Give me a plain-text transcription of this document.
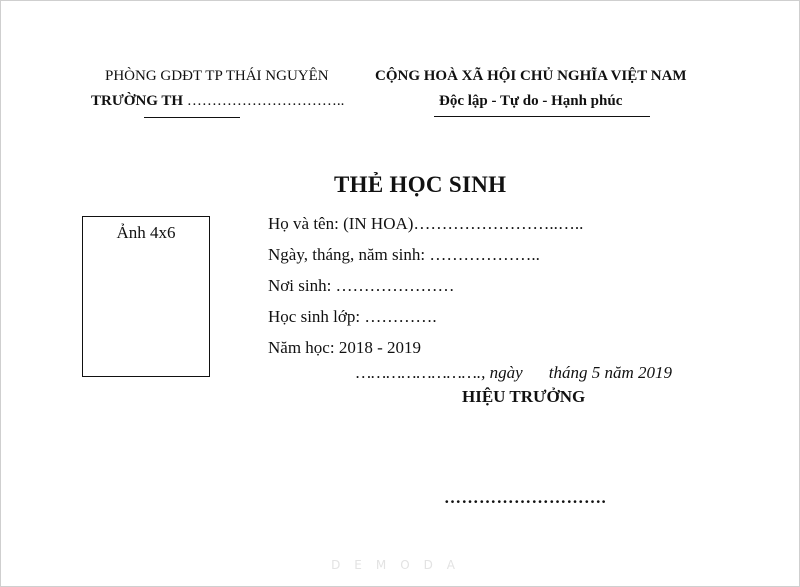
PHÒNG GDĐT TP THÁI NGUYÊN
TRƯỜNG TH …………………………..
CỘNG HOÀ XÃ HỘI CHỦ NGHĨA VIỆT NAM
Độc lập - Tự do - Hạnh phúc
THẺ HỌC SINH
Ảnh 4x6	Họ và tên: (IN HOA)……………………..…..
Ngày, tháng, năm sinh: ………………..
Nơi sinh: …………………
Học sinh lớp: ………….
Năm học: 2018 - 2019
……………………., ngày tháng 5 năm 2019
HIỆU TRƯỞNG
……………………….
DEMODA
